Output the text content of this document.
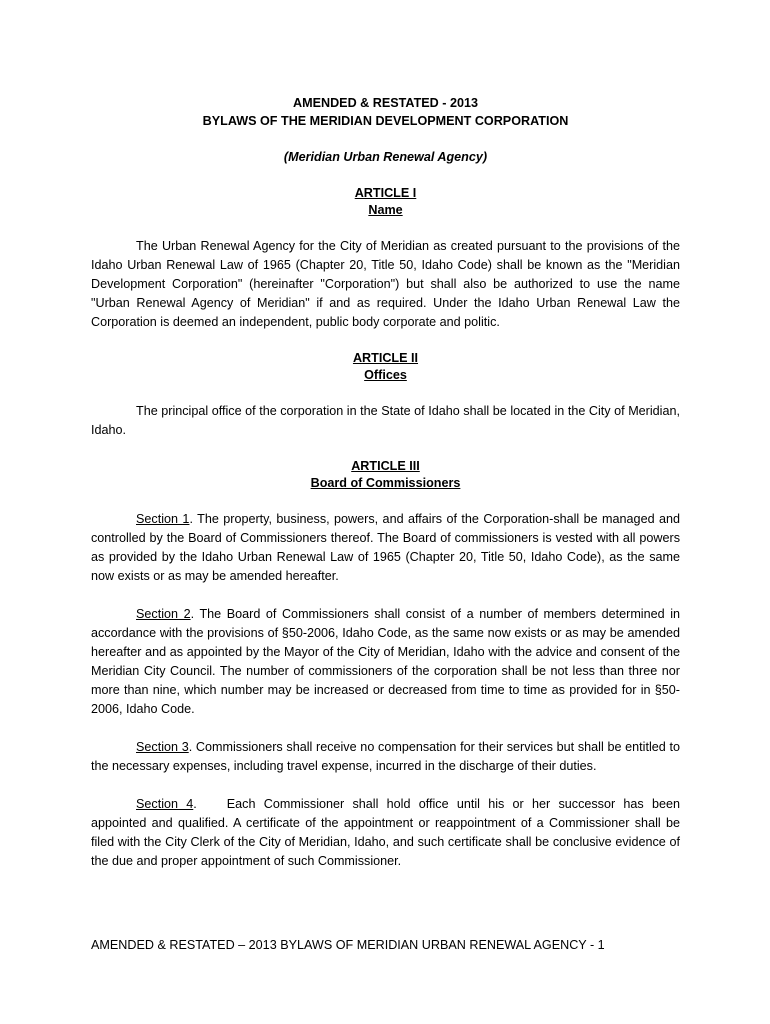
AMENDED & RESTATED - 2013
BYLAWS OF THE MERIDIAN DEVELOPMENT CORPORATION
(Meridian Urban Renewal Agency)
ARTICLE I
Name

The Urban Renewal Agency for the City of Meridian as created pursuant to the provisions of the Idaho Urban Renewal Law of 1965 (Chapter 20, Title 50, Idaho Code) shall be known as the "Meridian Development Corporation" (hereinafter "Corporation") but shall also be authorized to use the name "Urban Renewal Agency of Meridian" if and as required. Under the Idaho Urban Renewal Law the Corporation is deemed an independent, public body corporate and politic.

ARTICLE II
Offices

The principal office of the corporation in the State of Idaho shall be located in the City of Meridian, Idaho.

ARTICLE III
Board of Commissioners

Section 1. The property, business, powers, and affairs of the Corporation-shall be managed and controlled by the Board of Commissioners thereof. The Board of commissioners is vested with all powers as provided by the Idaho Urban Renewal Law of 1965 (Chapter 20, Title 50, Idaho Code), as the same now exists or as may be amended hereafter.

Section 2. The Board of Commissioners shall consist of a number of members determined in accordance with the provisions of §50-2006, Idaho Code, as the same now exists or as may be amended hereafter and as appointed by the Mayor of the City of Meridian, Idaho with the advice and consent of the Meridian City Council. The number of commissioners of the corporation shall be not less than three nor more than nine, which number may be increased or decreased from time to time as provided for in §50-2006, Idaho Code.

Section 3. Commissioners shall receive no compensation for their services but shall be entitled to the necessary expenses, including travel expense, incurred in the discharge of their duties.

Section 4. Each Commissioner shall hold office until his or her successor has been appointed and qualified. A certificate of the appointment or reappointment of a Commissioner shall be filed with the City Clerk of the City of Meridian, Idaho, and such certificate shall be conclusive evidence of the due and proper appointment of such Commissioner.

AMENDED & RESTATED – 2013 BYLAWS OF MERIDIAN URBAN RENEWAL AGENCY - 1
